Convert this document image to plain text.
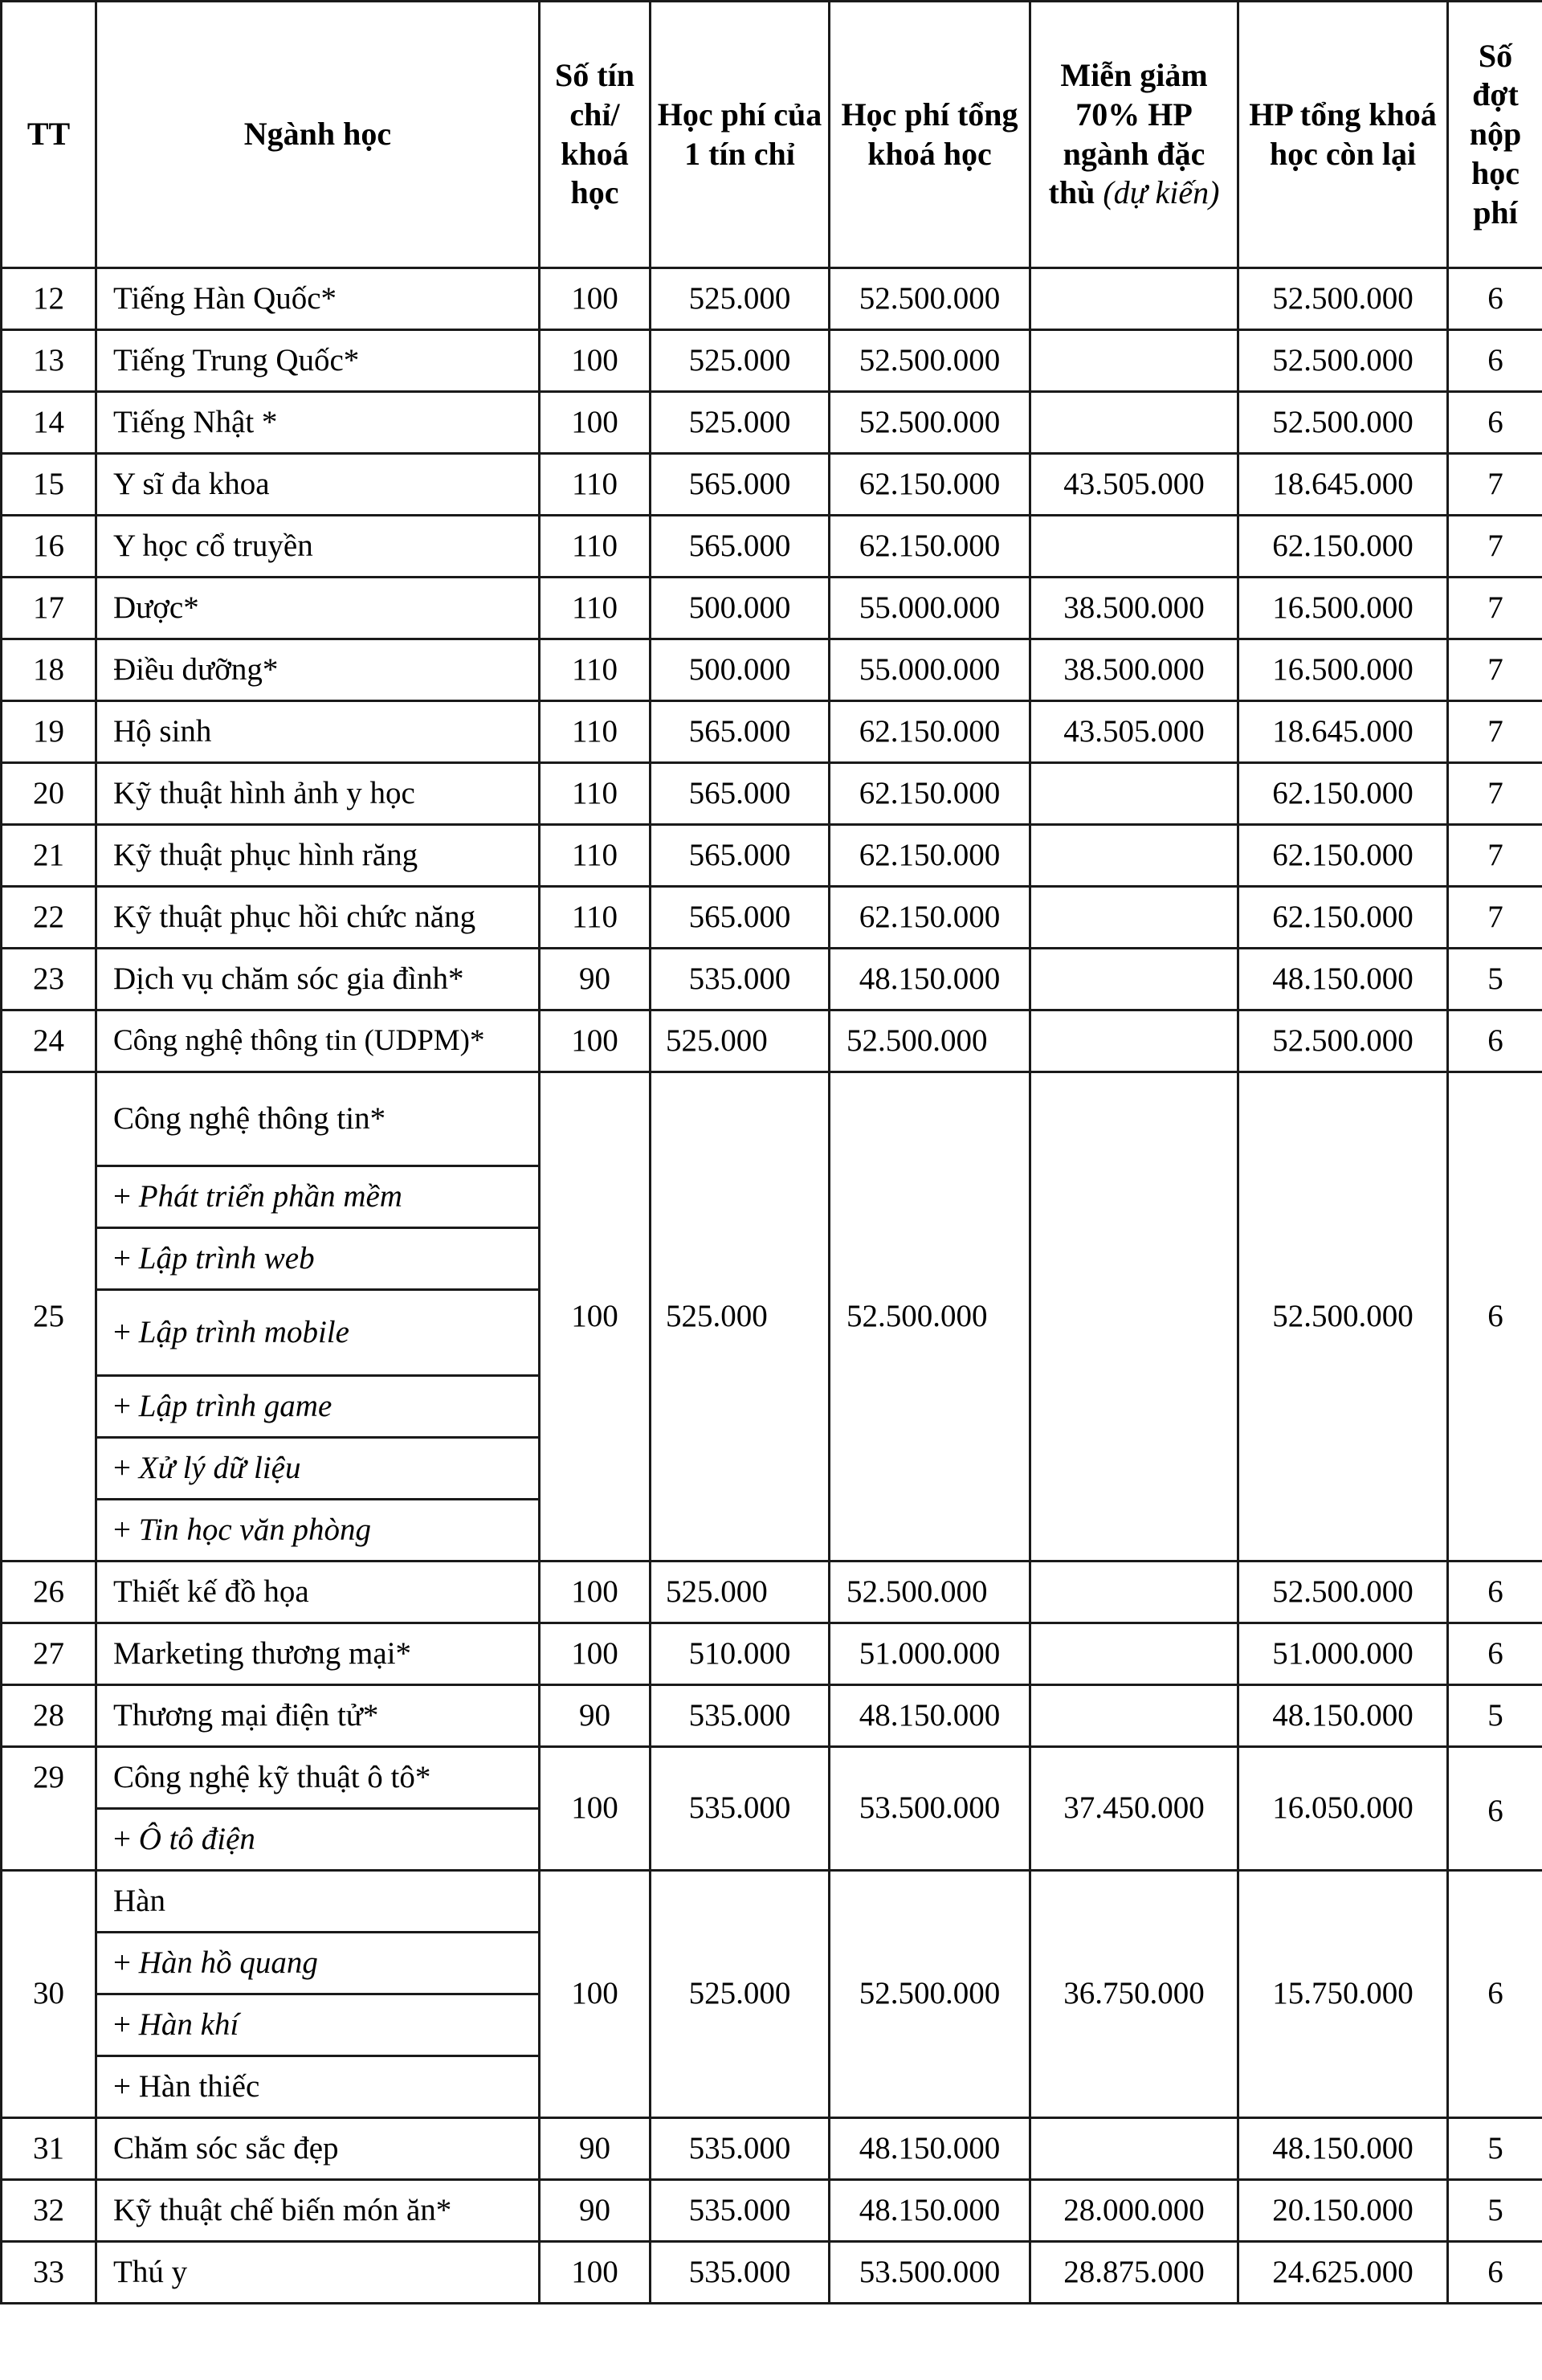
TT	Ngành học	Số tín chỉ/ khoá học	Học phí của 1 tín chỉ	Học phí tổng khoá học	Miễn giảm 70% HP ngành đặc thù (dự kiến)	HP tổng khoá học còn lại	Số đợt nộp học phí
12	Tiếng Hàn Quốc*	100	525.000	52.500.000		52.500.000	6
13	Tiếng Trung Quốc*	100	525.000	52.500.000		52.500.000	6
14	Tiếng Nhật *	100	525.000	52.500.000		52.500.000	6
15	Y sĩ đa khoa	110	565.000	62.150.000	43.505.000	18.645.000	7
16	Y học cổ truyền	110	565.000	62.150.000		62.150.000	7
17	Dược*	110	500.000	55.000.000	38.500.000	16.500.000	7
18	Điều dưỡng*	110	500.000	55.000.000	38.500.000	16.500.000	7
19	Hộ sinh	110	565.000	62.150.000	43.505.000	18.645.000	7
20	Kỹ thuật hình ảnh y học	110	565.000	62.150.000		62.150.000	7
21	Kỹ thuật phục hình răng	110	565.000	62.150.000		62.150.000	7
22	Kỹ thuật phục hồi chức năng	110	565.000	62.150.000		62.150.000	7
23	Dịch vụ chăm sóc gia đình*	90	535.000	48.150.000		48.150.000	5
24	Công nghệ thông tin (UDPM)*	100	525.000	52.500.000		52.500.000	6
25	Công nghệ thông tin*	100	525.000	52.500.000		52.500.000	6
	+ Phát triển phần mềm						
	+ Lập trình web						
	+ Lập trình mobile						
	+ Lập trình game						
	+ Xử lý dữ liệu						
	+ Tin học văn phòng						
26	Thiết kế đồ họa	100	525.000	52.500.000		52.500.000	6
27	Marketing thương mại*	100	510.000	51.000.000		51.000.000	6
28	Thương mại điện tử*	90	535.000	48.150.000		48.150.000	5
29	Công nghệ kỹ thuật ô tô*	100	535.000	53.500.000	37.450.000	16.050.000	6
	+ Ô tô điện						
30	Hàn	100	525.000	52.500.000	36.750.000	15.750.000	6
	+ Hàn hồ quang						
	+ Hàn khí						
	+ Hàn thiếc						
31	Chăm sóc sắc đẹp	90	535.000	48.150.000		48.150.000	5
32	Kỹ thuật chế biến món ăn*	90	535.000	48.150.000	28.000.000	20.150.000	5
33	Thú y	100	535.000	53.500.000	28.875.000	24.625.000	6
